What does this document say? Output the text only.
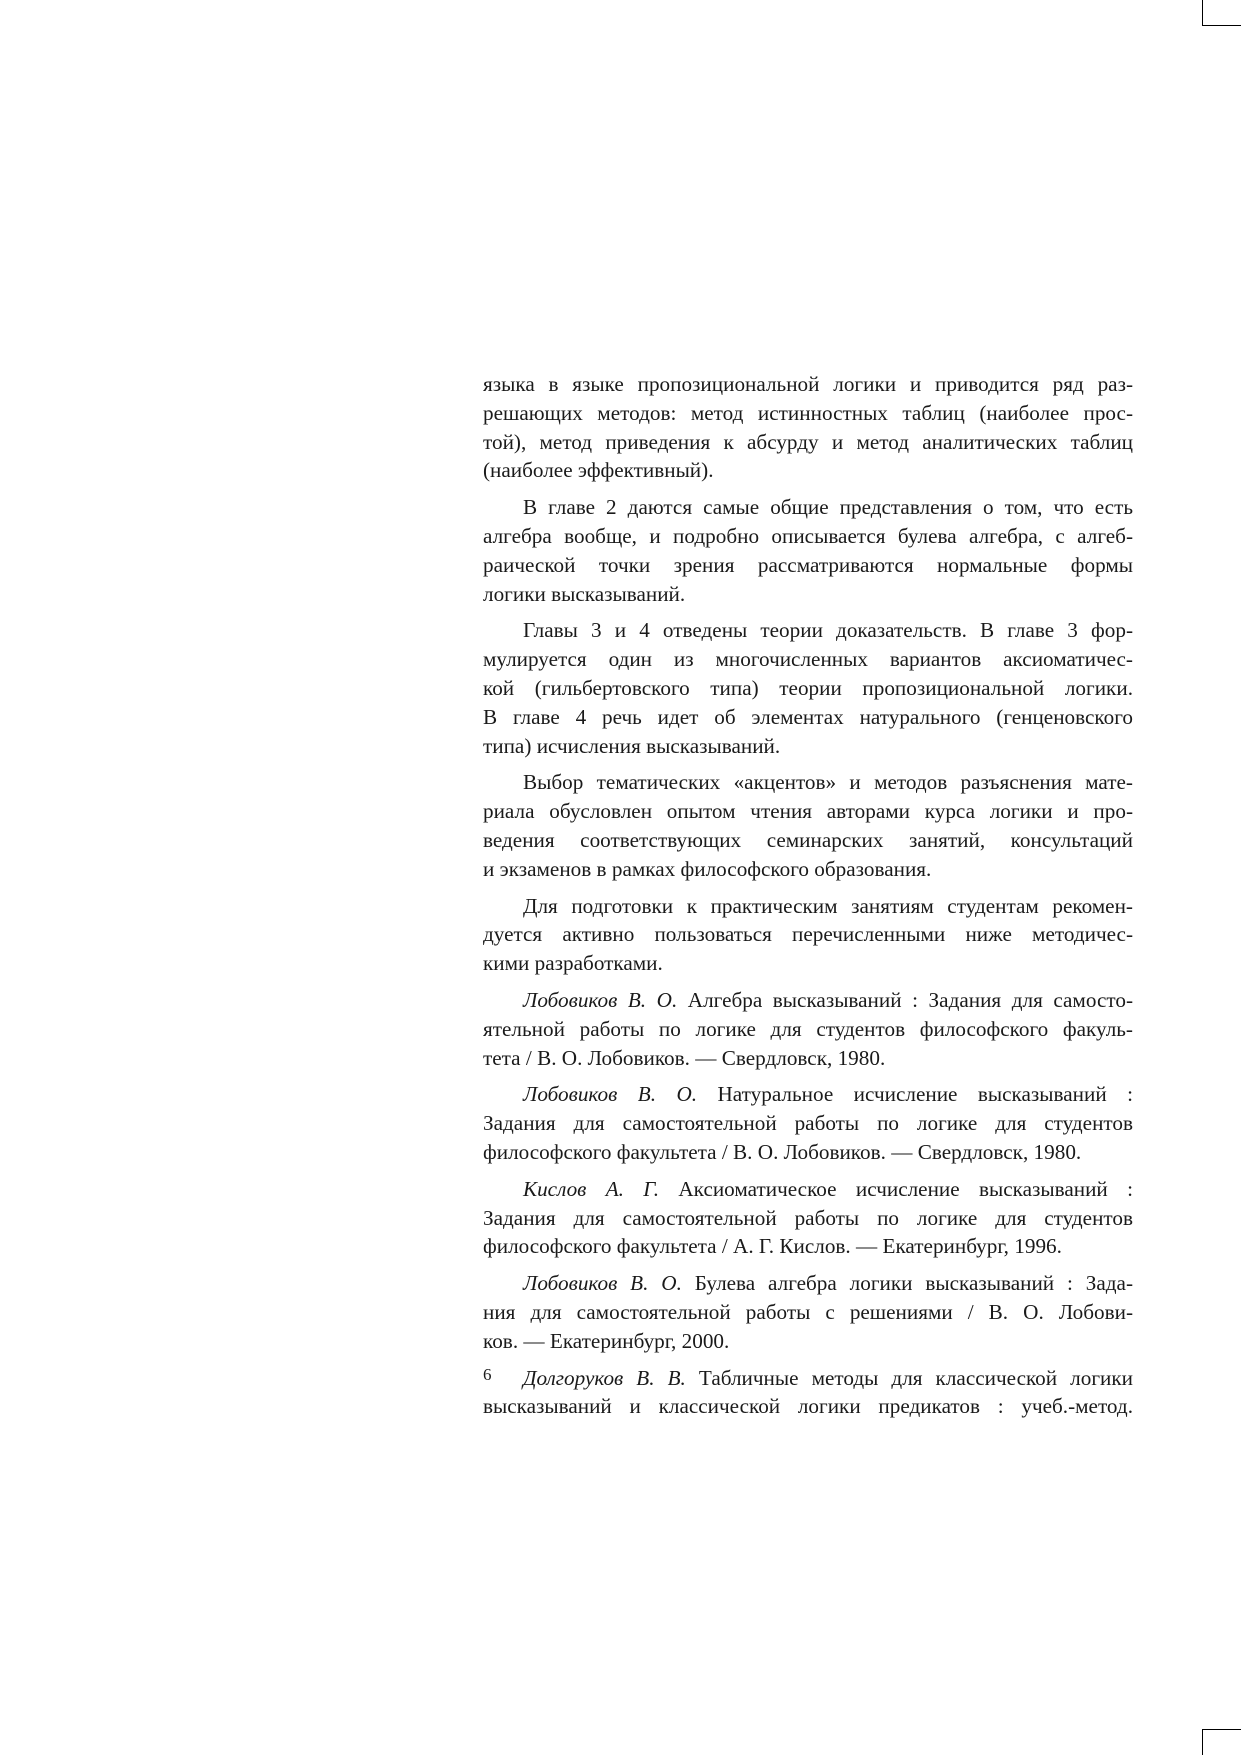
языка в языке пропозициональной логики и приводится ряд раз-
решающих методов: метод истинностных таблиц (наиболее прос-
той), метод приведения к абсурду и метод аналитических таблиц
(наиболее эффективный).
В главе 2 даются самые общие представления о том, что есть
алгебра вообще, и подробно описывается булева алгебра, с алгеб-
раической точки зрения рассматриваются нормальные формы
логики высказываний.
Главы 3 и 4 отведены теории доказательств. В главе 3 фор-
мулируется один из многочисленных вариантов аксиоматичес-
кой (гильбертовского типа) теории пропозициональной логики.
В главе 4 речь идет об элементах натурального (генценовского
типа) исчисления высказываний.
Выбор тематических «акцентов» и методов разъяснения мате-
риала обусловлен опытом чтения авторами курса логики и про-
ведения соответствующих семинарских занятий, консультаций
и экзаменов в рамках философского образования.
Для подготовки к практическим занятиям студентам рекомен-
дуется активно пользоваться перечисленными ниже методичес-
кими разработками.
Лобовиков В. О. Алгебра высказываний : Задания для самосто-
ятельной работы по логике для студентов философского факуль-
тета / В. О. Лобовиков. — Свердловск, 1980.
Лобовиков В. О. Натуральное исчисление высказываний :
Задания для самостоятельной работы по логике для студентов
философского факультета / В. О. Лобовиков. — Свердловск, 1980.
Кислов А. Г. Аксиоматическое исчисление высказываний :
Задания для самостоятельной работы по логике для студентов
философского факультета / А. Г. Кислов. — Екатеринбург, 1996.
Лобовиков В. О. Булева алгебра логики высказываний : Зада-
ния для самостоятельной работы с решениями / В. О. Лобови-
ков. — Екатеринбург, 2000.
Долгоруков В. В. Табличные методы для классической логики
высказываний и классической логики предикатов : учеб.-метод.
6
